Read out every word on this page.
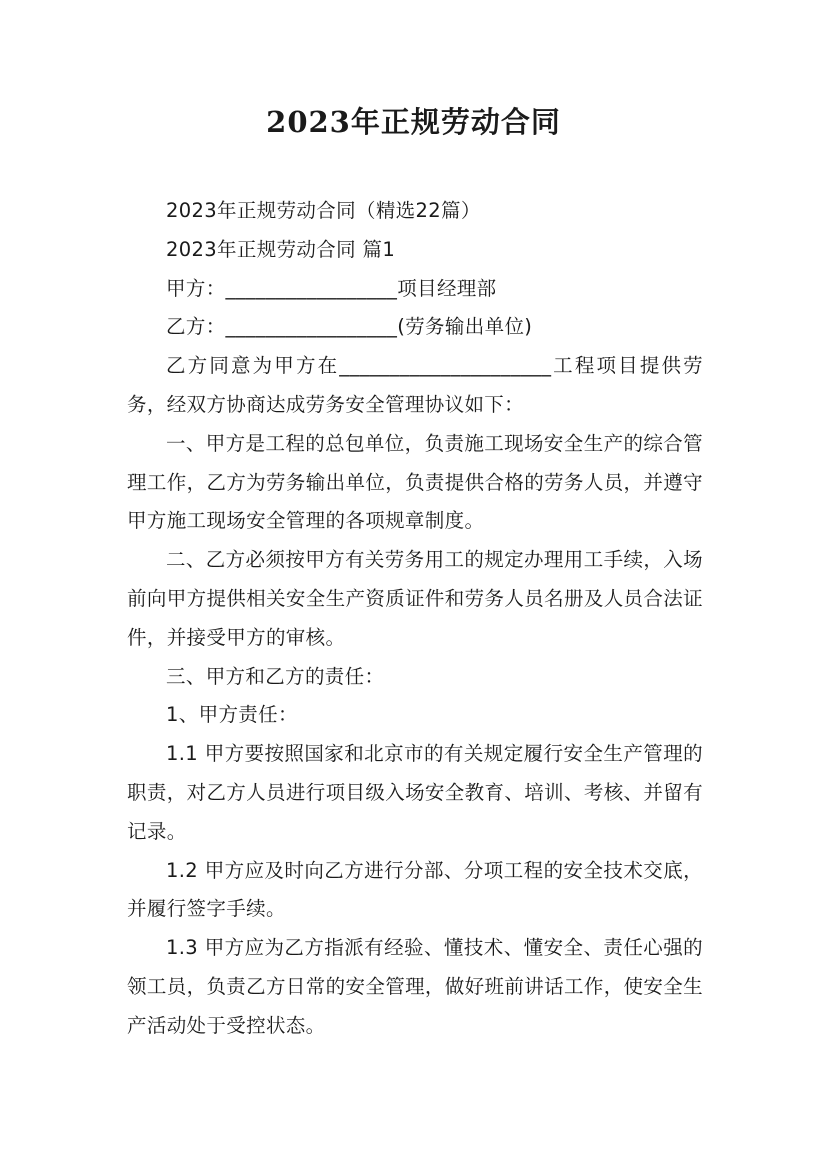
2023年正规劳动合同

2023年正规劳动合同（精选22篇）

2023年正规劳动合同 篇1

甲方：_________________项目经理部

乙方：_________________(劳务输出单位)

乙方同意为甲方在_____________________工程项目提供劳务，经双方协商达成劳务安全管理协议如下：

一、甲方是工程的总包单位，负责施工现场安全生产的综合管理工作，乙方为劳务输出单位，负责提供合格的劳务人员，并遵守甲方施工现场安全管理的各项规章制度。

二、乙方必须按甲方有关劳务用工的规定办理用工手续，入场前向甲方提供相关安全生产资质证件和劳务人员名册及人员合法证件，并接受甲方的审核。

三、甲方和乙方的责任：

1、甲方责任：

1.1 甲方要按照国家和北京市的有关规定履行安全生产管理的职责，对乙方人员进行项目级入场安全教育、培训、考核、并留有记录。

1.2 甲方应及时向乙方进行分部、分项工程的安全技术交底，并履行签字手续。

1.3 甲方应为乙方指派有经验、懂技术、懂安全、责任心强的领工员，负责乙方日常的安全管理，做好班前讲话工作，使安全生产活动处于受控状态。
